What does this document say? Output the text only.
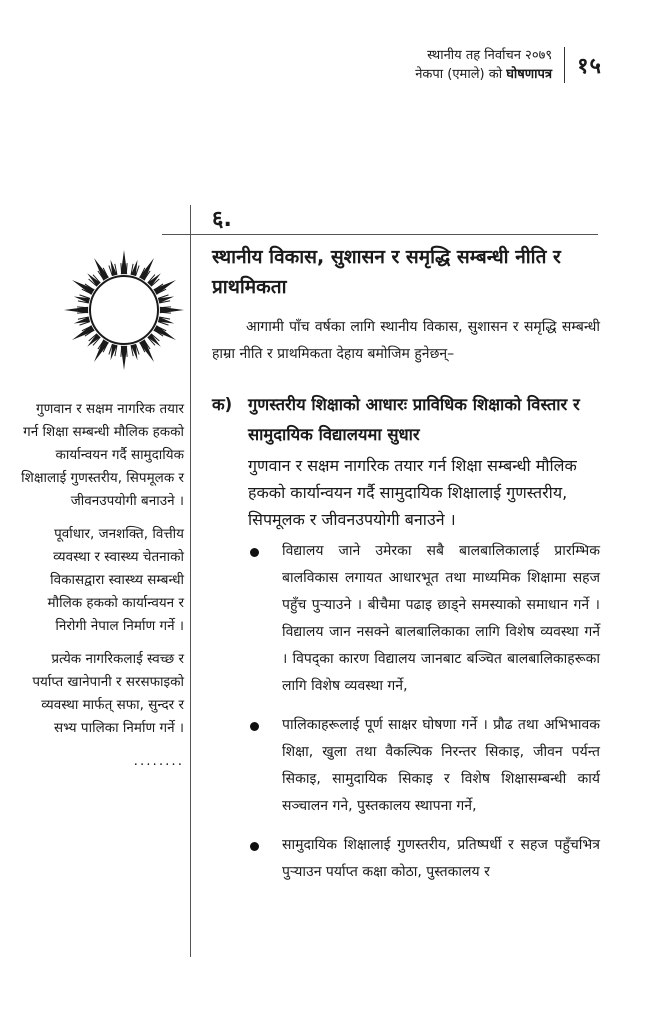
स्थानीय तह निर्वाचन २०७९
नेकपा (एमाले) को घोषणापत्र १५
६.
स्थानीय विकास, सुशासन र समृद्धि सम्बन्धी नीति र प्राथमिकता
आगामी पाँच वर्षका लागि स्थानीय विकास, सुशासन र समृद्धि सम्बन्धी हाम्रा नीति र प्राथमिकता देहाय बमोजिम हुनेछन्–

गुणवान र सक्षम नागरिक तयार गर्न शिक्षा सम्बन्धी मौलिक हकको कार्यान्वयन गर्दै सामुदायिक शिक्षालाई गुणस्तरीय, सिपमूलक र जीवनउपयोगी बनाउने ।

पूर्वाधार, जनशक्ति, वित्तीय व्यवस्था र स्वास्थ्य चेतनाको विकासद्वारा स्वास्थ्य सम्बन्धी मौलिक हकको कार्यान्वयन र निरोगी नेपाल निर्माण गर्ने ।

प्रत्येक नागरिकलाई स्वच्छ र पर्याप्त खानेपानी र सरसफाइको व्यवस्था मार्फत् सफा, सुन्दर र सभ्य पालिका निर्माण गर्ने ।

........
क) गुणस्तरीय शिक्षाको आधारः प्राविधिक शिक्षाको विस्तार र सामुदायिक विद्यालयमा सुधार
गुणवान र सक्षम नागरिक तयार गर्न शिक्षा सम्बन्धी मौलिक हकको कार्यान्वयन गर्दै सामुदायिक शिक्षालाई गुणस्तरीय, सिपमूलक र जीवनउपयोगी बनाउने ।
विद्यालय जाने उमेरका सबै बालबालिकालाई प्रारम्भिक बालविकास लगायत आधारभूत तथा माध्यमिक शिक्षामा सहज पहुँच पुऱ्याउने । बीचैमा पढाइ छाड्ने समस्याको समाधान गर्ने । विद्यालय जान नसक्ने बालबालिकाका लागि विशेष व्यवस्था गर्ने । विपद्का कारण विद्यालय जानबाट बञ्चित बालबालिकाहरूका लागि विशेष व्यवस्था गर्ने,
पालिकाहरूलाई पूर्ण साक्षर घोषणा गर्ने । प्रौढ तथा अभिभावक शिक्षा, खुला तथा वैकल्पिक निरन्तर सिकाइ, जीवन पर्यन्त सिकाइ, सामुदायिक सिकाइ र विशेष शिक्षासम्बन्धी कार्य सञ्चालन गने, पुस्तकालय स्थापना गर्ने,
सामुदायिक शिक्षालाई गुणस्तरीय, प्रतिष्पर्धी र सहज पहुँचभित्र पुऱ्याउन पर्याप्त कक्षा कोठा, पुस्तकालय र
